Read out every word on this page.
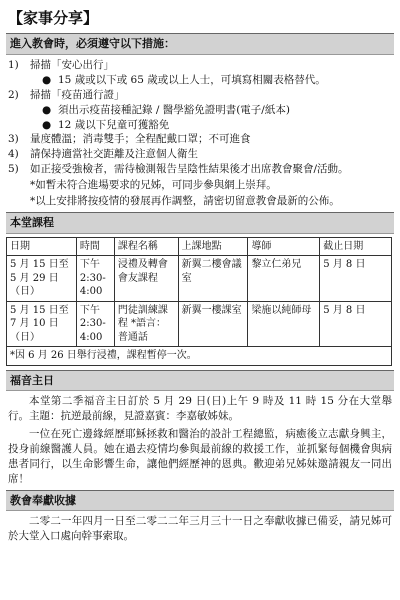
【家事分享】
進入教會時，必須遵守以下措施：
1)	掃描「安心出行」
● 15 歲或以下或 65 歲或以上人士，可填寫相關表格替代。
2)	掃描「疫苗通行證」
● 須出示疫苗接種記錄 / 醫學豁免證明書(電子/紙本)
● 12 歲以下兒童可獲豁免
3)	量度體溫；消毒雙手；全程配戴口罩；不可進食
4)	請保持適當社交距離及注意個人衛生
5)	如正接受強檢者，需待檢測報告呈陰性結果後才出席教會聚會/活動。
*如暫未符合進場要求的兄姊，可同步參與網上崇拜。
*以上安排將按疫情的發展再作調整，請密切留意教會最新的公佈。
本堂課程
日期	時間	課程名稱	上課地點	導師	截止日期
5 月 15 日至 5 月 29 日（日）	下午 2:30-4:00	浸禮及轉會會友課程	新翼二樓會議室	黎立仁弟兄	5 月 8 日
5 月 15 日至 7 月 10 日（日）	下午 2:30-4:00	門徒訓練課程 *語言：普通話	新翼一樓課室	梁施以純師母	5 月 8 日
*因 6 月 26 日舉行浸禮，課程暫停一次。					
福音主日
本堂第二季福音主日訂於 5 月 29 日(日)上午 9 時及 11 時 15 分在大堂舉行。主題：抗逆最前線，見證嘉賓：李嘉敏姊妹。
一位在死亡邊緣經歷耶穌拯救和醫治的設計工程總監，病癒後立志獻身興主，投身前線醫護人員。她在過去疫情均參與最前線的救援工作，並抓緊每個機會與病患者同行，以生命影響生命，讓他們經歷神的恩典。歡迎弟兄姊妹邀請親友一同出席！
教會奉獻收據
二零二一年四月一日至二零二二年三月三十一日之奉獻收據已備妥，請兄姊可於大堂入口處向幹事索取。
